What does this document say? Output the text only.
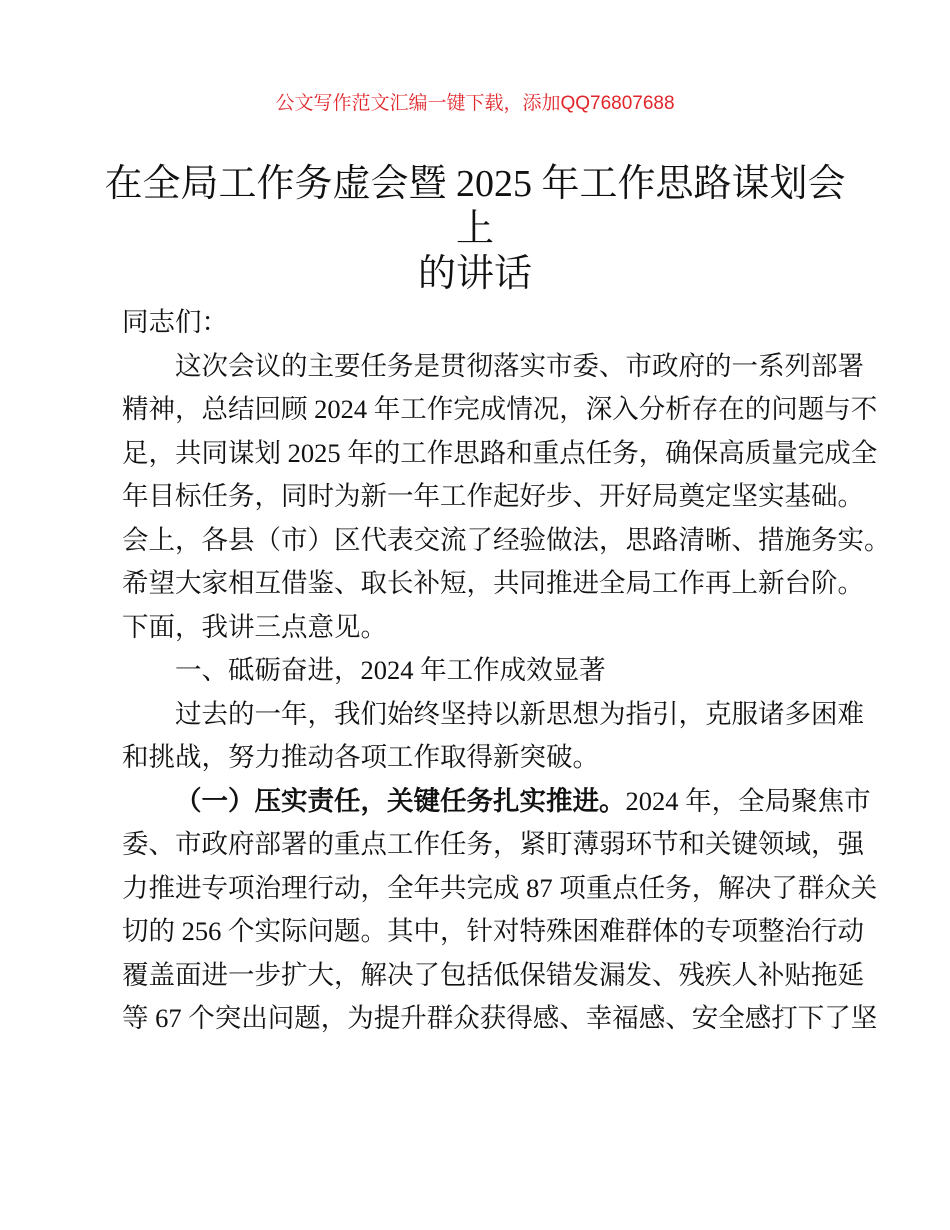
公文写作范文汇编一键下载，添加QQ76807688
在全局工作务虚会暨 2025 年工作思路谋划会上
的讲话
同志们：
这次会议的主要任务是贯彻落实市委、市政府的一系列部署
精神，总结回顾 2024 年工作完成情况，深入分析存在的问题与不
足，共同谋划 2025 年的工作思路和重点任务，确保高质量完成全
年目标任务，同时为新一年工作起好步、开好局奠定坚实基础。
会上，各县（市）区代表交流了经验做法，思路清晰、措施务实。
希望大家相互借鉴、取长补短，共同推进全局工作再上新台阶。
下面，我讲三点意见。
一、砥砺奋进，2024 年工作成效显著
过去的一年，我们始终坚持以新思想为指引，克服诸多困难
和挑战，努力推动各项工作取得新突破。
（一）压实责任，关键任务扎实推进。2024 年，全局聚焦市
委、市政府部署的重点工作任务，紧盯薄弱环节和关键领域，强
力推进专项治理行动，全年共完成 87 项重点任务，解决了群众关
切的 256 个实际问题。其中，针对特殊困难群体的专项整治行动
覆盖面进一步扩大，解决了包括低保错发漏发、残疾人补贴拖延
等 67 个突出问题，为提升群众获得感、幸福感、安全感打下了坚
